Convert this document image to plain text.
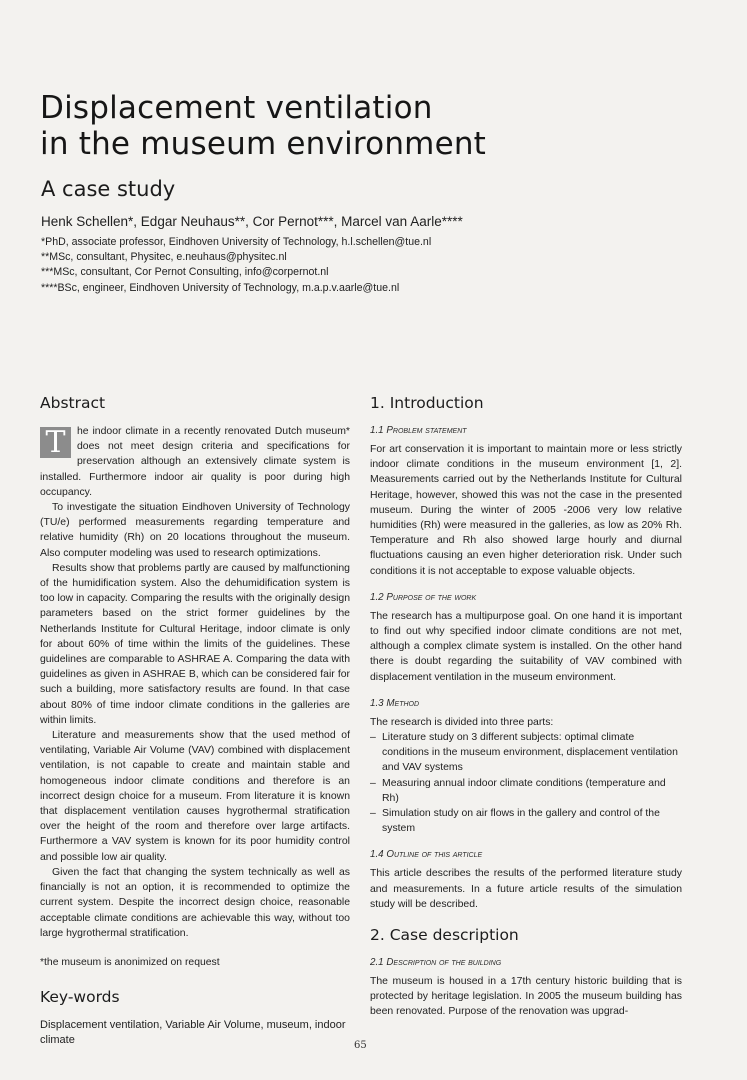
Displacement ventilation
in the museum environment
A case study

Henk Schellen*, Edgar Neuhaus**, Cor Pernot***, Marcel van Aarle****

*PhD, associate professor, Eindhoven University of Technology, h.l.schellen@tue.nl
**MSc, consultant, Physitec, e.neuhaus@physitec.nl
***MSc, consultant, Cor Pernot Consulting, info@corpernot.nl
****BSc, engineer, Eindhoven University of Technology, m.a.p.v.aarle@tue.nl
Abstract
T	he indoor climate in a recently renovated Dutch museum* does not meet design criteria and specifications for preservation although an extensively climate system is installed. Furthermore indoor air quality is poor during high occupancy.

To investigate the situation Eindhoven University of Technology (TU/e) performed measurements regarding temperature and relative humidity (Rh) on 20 locations throughout the museum. Also computer modeling was used to research optimizations.

Results show that problems partly are caused by malfunctioning of the humidification system. Also the dehumidification system is too low in capacity. Comparing the results with the originally design parameters based on the strict former guidelines by the Netherlands Institute for Cultural Heritage, indoor climate is only for about 60% of time within the limits of the guidelines. These guidelines are comparable to ASHRAE A. Comparing the data with guidelines as given in ASHRAE B, which can be considered fair for such a building, more satisfactory results are found. In that case about 80% of time indoor climate conditions in the galleries are within limits.

Literature and measurements show that the used method of ventilating, Variable Air Volume (VAV) combined with displacement ventilation, is not capable to create and maintain stable and homogeneous indoor climate conditions and therefore is an incorrect design choice for a museum. From literature it is known that displacement ventilation causes hygrothermal stratification over the height of the room and therefore over large artifacts. Furthermore a VAV system is known for its poor humidity control and possible low air quality.

Given the fact that changing the system technically as well as financially is not an option, it is recommended to optimize the current system. Despite the incorrect design choice, reasonable acceptable climate conditions are achievable this way, without too large hygrothermal stratification.

*the museum is anonimized on request
Key-words
Displacement ventilation, Variable Air Volume, museum, indoor climate
1. Introduction
1.1 Problem statement

For art conservation it is important to maintain more or less strictly indoor climate conditions in the museum environment [1, 2]. Measurements carried out by the Netherlands Institute for Cultural Heritage, however, showed this was not the case in the presented museum. During the winter of 2005 -2006 very low relative humidities (Rh) were measured in the galleries, as low as 20% Rh. Temperature and Rh also showed large hourly and diurnal fluctuations causing an even higher deterioration risk. Under such conditions it is not acceptable to expose valuable objects.

1.2 Purpose of the work

The research has a multipurpose goal. On one hand it is important to find out why specified indoor climate conditions are not met, although a complex climate system is installed. On the other hand there is doubt regarding the suitability of VAV combined with displacement ventilation in the museum environment.

1.3 Method

The research is divided into three parts:

– Literature study on 3 different subjects: optimal climate conditions in the museum environment, displacement ventilation and VAV systems
– Measuring annual indoor climate conditions (temperature and Rh)
– Simulation study on air flows in the gallery and control of the system
1.4 Outline of this article

This article describes the results of the performed literature study and measurements. In a future article results of the simulation study will be described.

2. Case description
2.1 Description of the building

The museum is housed in a 17th century historic building that is protected by heritage legislation. In 2005 the museum building has been renovated. Purpose of the renovation was upgrad-

65
